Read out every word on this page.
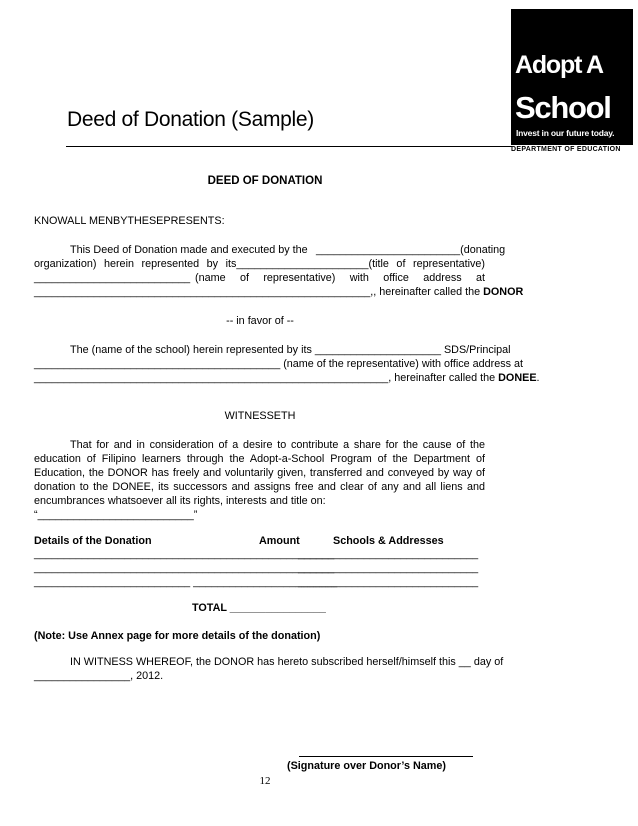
Adopt A
School
Invest in our future today.
DEPARTMENT OF EDUCATION
Deed of Donation (Sample)
DEED OF DONATION
KNOWALL MENBYTHESEPRESENTS:
This Deed of Donation made and executed by the ________________________(donating
organization) herein represented by its______________________(title of representative)
__________________________ (name of representative) with office address at
________________________________________________________,, hereinafter called the DONOR
-- in favor of --
The (name of the school) herein represented by its _____________________ SDS/Principal
_________________________________________ (name of the representative) with office address at
___________________________________________________________, hereinafter called the DONEE.
WITNESSETH
That for and in consideration of a desire to contribute a share for the cause of the education of Filipino learners through the Adopt-a-School Program of the Department of Education, the DONOR has freely and voluntarily given, transferred and conveyed by way of donation to the DONEE, its successors and assigns free and clear of any and all liens and encumbrances whatsoever all its rights, interests and title on:
“__________________________”
Details of the Donation	Amount	Schools & Addresses
__________________________________________________
______________________________
__________________________________________________
______________________________
__________________________ ________________________
______________________________
TOTAL ________________
(Note: Use Annex page for more details of the donation)
IN WITNESS WHEREOF, the DONOR has hereto subscribed herself/himself this __ day of
________________, 2012.
(Signature over Donor’s Name)
12
